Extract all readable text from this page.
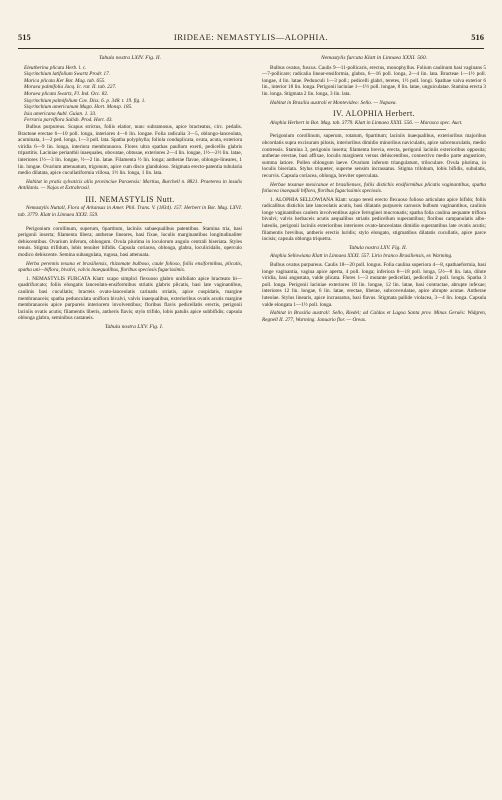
515	IRIDEAE: NEMASTYLIS—ALOPHIA.	516

Tabula nostra LXIV. Fig. II.

Eleutherina plicata Herb. l. c.

Sisyrinchium latifolium Swartz Prodr. 17.

Marica plicata Ker Bot. Mag. tab. 655.

Moraea palmifolia Jacq. Ic. rar. II. tab. 227.

Moraea plicata Swartz, Fl. Ind. Occ. 82.

Sisyrinchium palmifolium Cav. Diss. 6. p. 348. t. 19. fig. 1.

Sisyrinchium americanum Magn. Hort. Monsp. 185.

Ixia americana Aubl. Guian. 1. 33.

Ferraria parviflora Salisb. Prod. Hort. 43.

Bulbus purpureus. Scapus strictus, foliis elatior, nunc subramosus, apice bracteatus, circ. pedalis. Bracteae erectae 6—10 poll. longa, interiores 4—6 lin. longae. Folia radicalia 3—5, oblongo-lanceolata, acuminata, 1—2 ped. longa, 1—3 poll. lata. Spatha polyphylla; foliola conduplicata, ovata, acuta, exteriora viridia 6—9 lin. longa, interiora membranacea. Flores ultra spathas paullum exerti, pedicellis glabris tripartitis. Laciniae perianthii inaequales, obovatae, obtusae, exteriores 2—4 lin. longae, 1½—2½ lin. latae, interiores 1½—3 lin. longae, ½—2 lin. latae. Filamenta ½ lin. longa; antherae flavae, oblongo-lineares, 1 lin. longae. Ovarium attenuatum, trigonum, apice cum disco glanduloso. Stigmata erecto-patentia tubularia medio dilatata, apice cucullatiformia villosa, 1½ lin. longa, 1 lin. lata.

Habitat in pratis sylvaticis aliis provinciae Paraensis: Martius, Burchell n. 8821. Praeterea in insulis Antillanis. — Najas et Extrabrasil.

III. NEMASTYLIS Nutt.

Nemastylis Nuttall, Flora of Arkansas in Amer. Phil. Trans. V. (1834). 157. Herbert in Bot. Mag. LXVI. tab. 3779. Klatt in Linnaea XXXI. 559.

Perigonium corollinum, superum, 6partitum, laciniis subaequalibus patentibus. Stamina tria, basi perigonii inserta; filamenta libera; antherae lineares, basi fixae, loculis marginantibus longitudinaliter dehiscentibus. Ovarium inferum, oblongum. Ovula plurima in loculorum angulo centrali biseriata. Styles tenuis. Stigma trifidum, lobis tenuiter bifidis. Capsula coriacea, oblonga, glabra, loculicidalis, operculo modico dehiscente. Semina subangulata, rugosa, basi attenuata.

Herba perennis texana et brasiliensis, rhizomate bulboso, caule folioso, foliis ensiformibus, plicatis, spatha uni—biflora, bivalvi, valvis inaequalibus, floribus speciosis fugacissimis.

1. NEMASTYLIS FURCATA Klatt: scapo simplici flexuoso glabro unifoliato apice bracteato bi—quadrifurcato; foliis elongatis lanceolato-ensiformibus striatis glabris plicatis, basi late vaginantibus, caulinis basi cucullatis; bracteis ovato-lanceolatis carinatis striatis, apice cuspidatis, margine membranaceis; spatha pedunculata uniflora bivalvi, valvis inaequalibus, exterioribus ovatis acutis margine membranaceis apice purpureis interiorem involventibus; floribus flavis pedicellatis erectis, perigonii laciniis ovatis acutis; filamentis liberis, antheris flavis; stylo trifido, lobis patulis apice subbifidis; capsula oblonga glabra, seminibus castaneis.

Tabula nostra LXV. Fig. I.

Nemastylis furcata Klatt in Linnaea XXXI. 560.

Bulbus ovatus, fuscus. Caulis 9—11-pollicaris, erectus, monophyllus. Folium caulinum basi vaginans 5—7-pollicare; radicalia linear-ensiformia, glabra, 6—16 poll. longa, 2—4 lin. lata. Bracteae 1—1½ poll. longae, 4 lin. latae. Pedunculi 1—3 poll.; pedicelli glabri, teretes, 1½ poll. longi. Spathae valva exterior 6 lin., interior 18 lin. longa. Perigonii laciniae 1—1½ poll. longae, 8 lin. latae, unguiculatae. Stamina erecta 3 lin. longa. Stigmata 2 lin. longa, 3 lin. lata.

Habitat in Brasilia australi et Montevideo: Sello. — Napaea.

IV. ALOPHIA Herbert.

Alophia Herbert in Bot. Mag. tab. 3779. Klatt in Linnaea XXXI. 556. — Marasca spec. Auct.

Perigonium corollinum, superum, rotatum, 6partitum; laciniis inaequalibus, exterioribus majoribus obcordatis supra excisuram pilosis, interioribus dimidio minoribus naviculatis, apice subcenuculatis, medio contressis. Stamina 3, perigonio inserta; filamenta brevia, erecta, perigonii laciniis exterioribus opposita; antherae erectae, basi affixae, loculis marginem versus dehiscentibus, connectivo medio parte angustiore, summa latiore. Pollen oblongum laeve. Ovarium inferum triangulatum, triloculare. Ovula plurima, in loculis biseriata. Stylus triqueter, superne sensim incrassatus. Stigma trilobum, lobis bifidis, subulatis, recurvis. Capsula coriacea, oblonga, breviter operculata.

Herbae texanae mexicanae et brasilienses, foliis distichis ensiformibus plicatis vaginantibus, spatha foliacea inaequali biflora, floribus fugacissimis speciosis.

1. ALOPHIA SELLOWIANA Klatt: scapo tereti erecto flexuoso folioso articulato apice bifido; foliis radicalibus distichis late lanceolatis acutis, basi dilatatis purpureis carnosis bulbum vaginantibus, caulinis longe vaginantibus caulem involventibus apice ferruginei mucronatis; spatha folia caulina aequante triflora bivalvi; valvis herbaceis acutis aequalibus striatis pedicellum superantibus; floribus campanulatis albo-luteolis, perigonii laciniis exterioribus interiores ovato-lanceolatas dimidio superantibus late ovatis acutis; filamentis brevibus, antheris erectis luridis; stylo elongato, stigmatibus dilatatis cucullatis, apice parce incisis; capsula oblonga triquetra.

Tabula nostra LXV. Fig. II.

Alophia Sellowiana Klatt in Linnaea XXXI. 557. Lirio branco Brasiliensis, ex Warming.

Bulbus ovatus purpureus. Caulis 18—20 poll. longus. Folia caulina superiora 4—8, spathaeformia, basi longe vaginantia, vagina apice aperta, 4 poll. longa; inferiora 8—18 poll. longa, 5½—8 lin. lata, dilute viridia, basi angustata, valde plicata. Flores 1—3 mutante pedicellati, pedicellis 2 poll. longis. Spatha 3 poll. longa. Perigonii laciniae exteriores 18 lin. longae, 12 lin. latae, basi contractae, abrupte infexae; interiores 12 lin. longae, 6 lin. latae, erectae, liberae, subcoverulatae, apice abrupte acutae. Antherae luteolae. Stylus linearis, apice incrassatus, basi flavus. Stigmata pallide violacea, 3—4 lin. longa. Capsula valde elongata 1—1½ poll. longa.

Habitat in Brasilia australi: Sello, Riedel; ad Caldas et Lagoa Santa prov. Minas Geraës: Widgren, Regnell II. 277, Warming. Januario flor. — Oreas.
